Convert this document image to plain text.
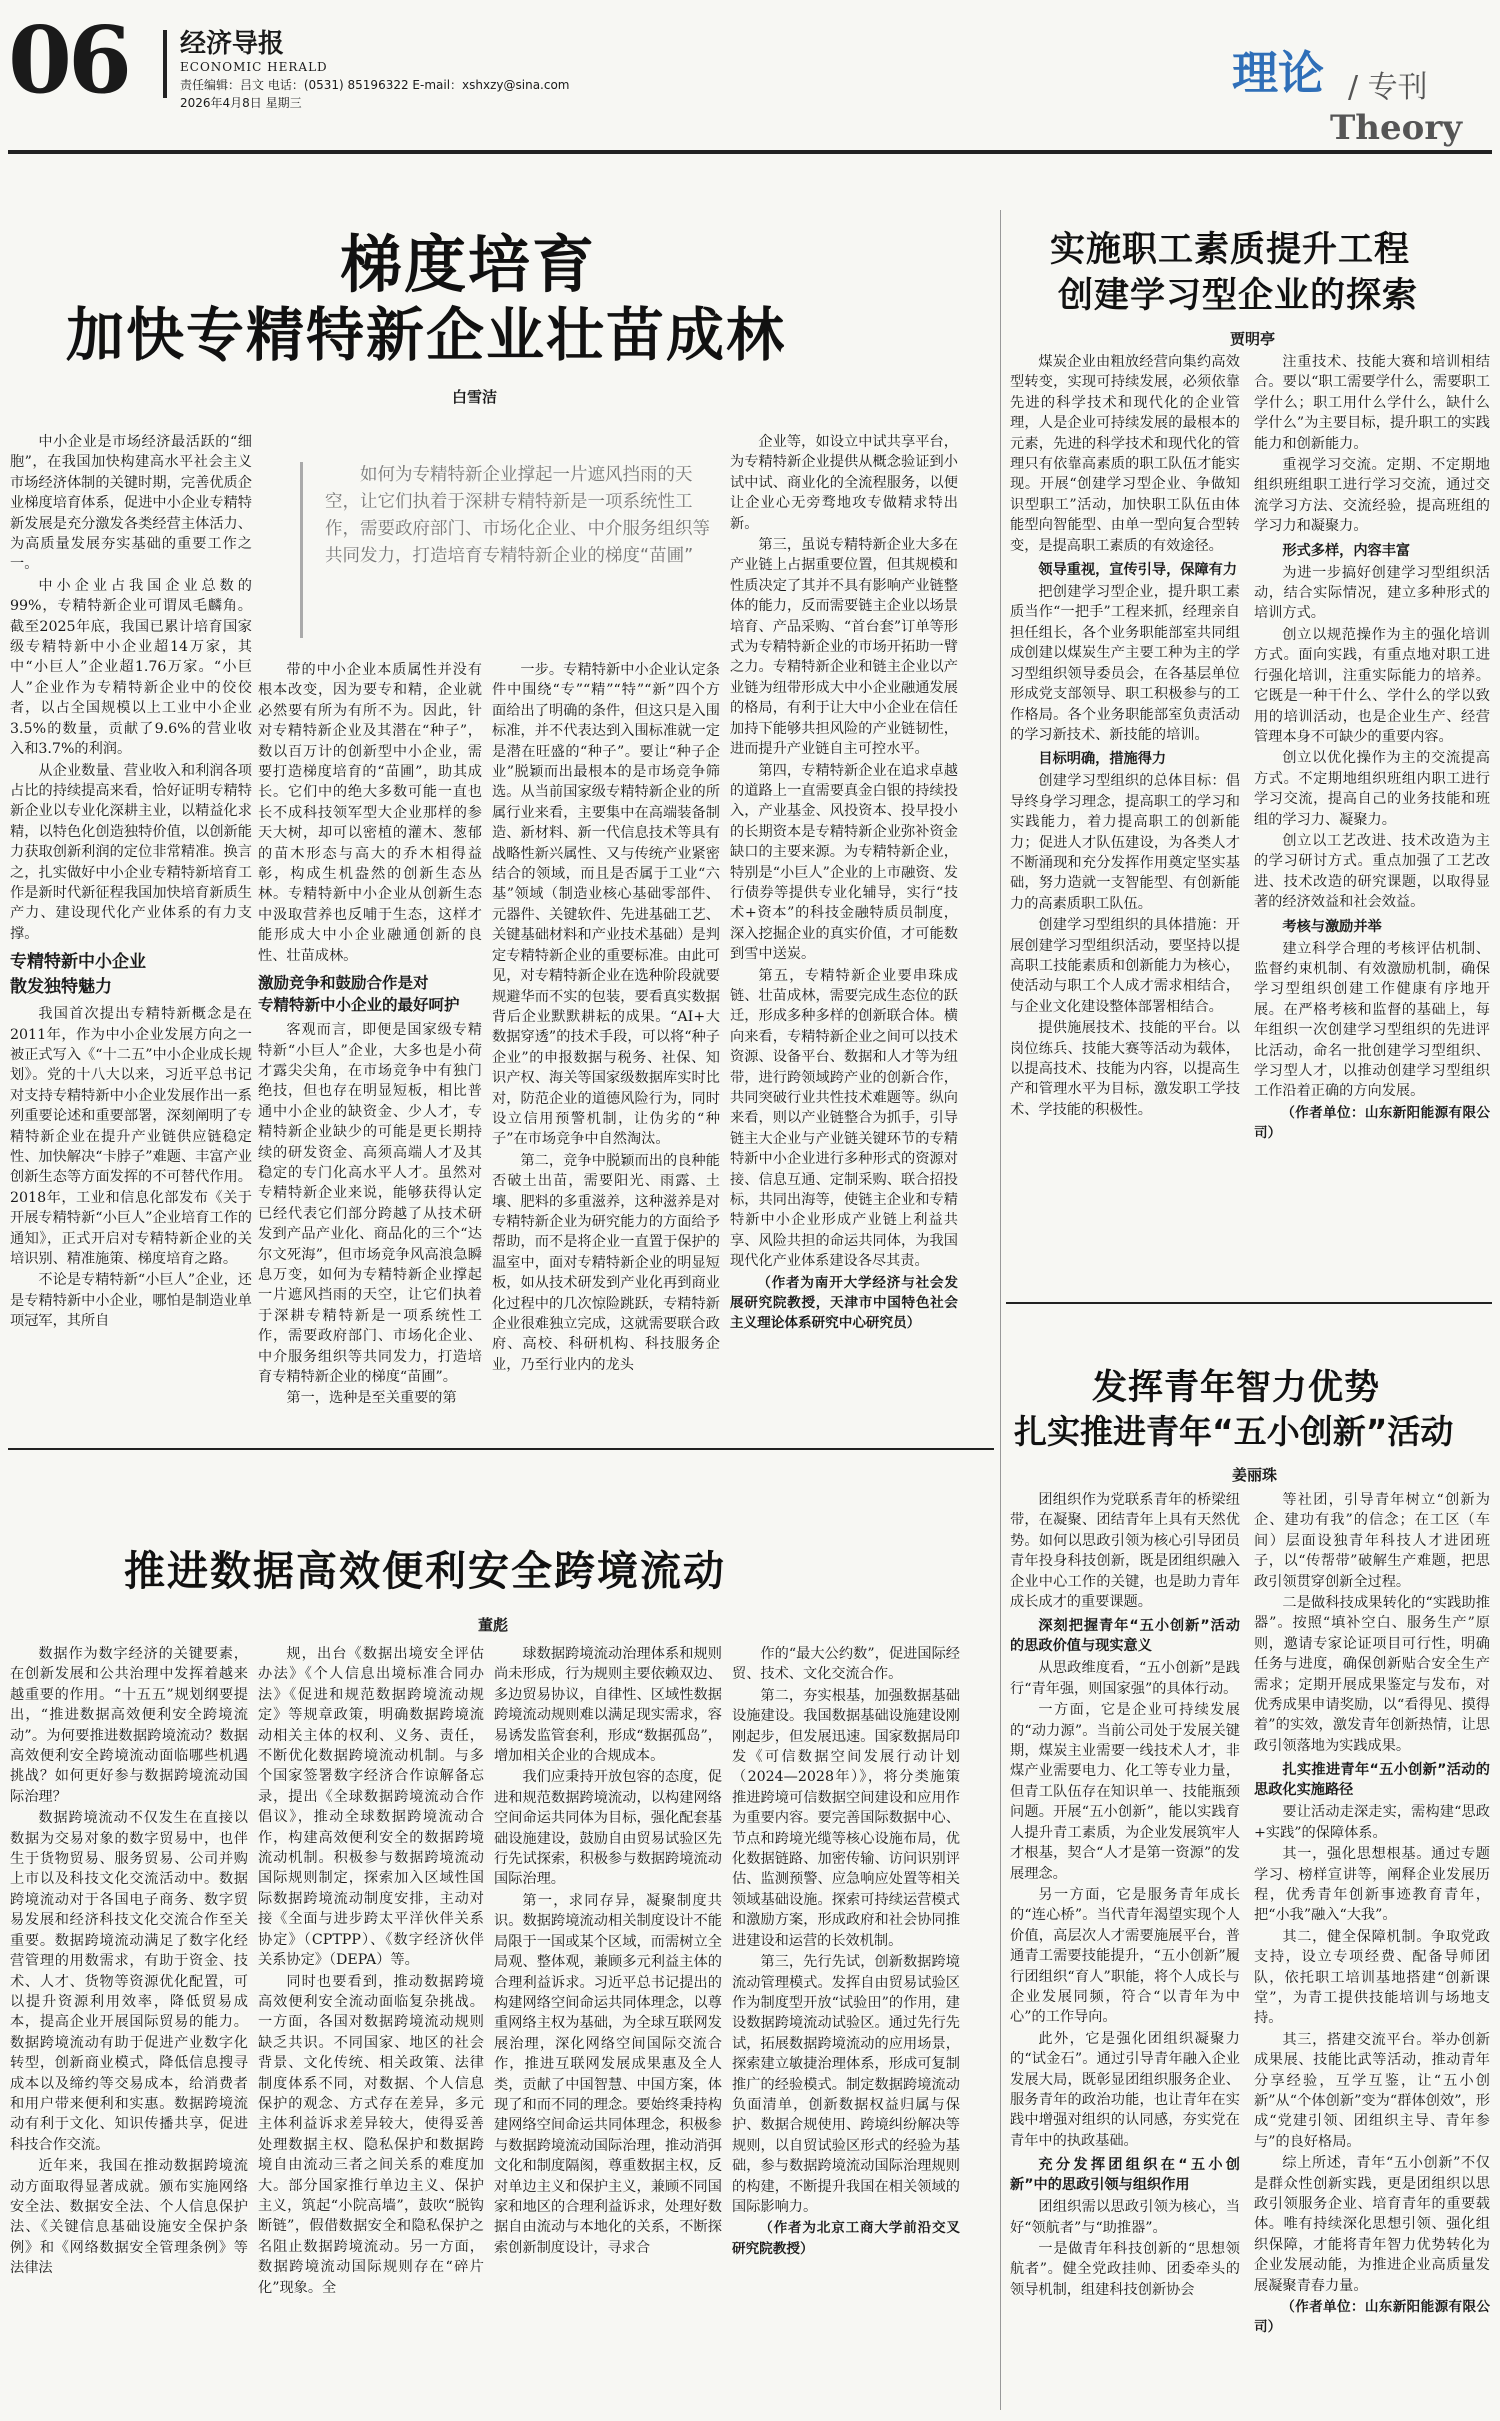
06 经济导报
ECONOMIC HERALD
责任编辑：吕文 电话：(0531) 85196322 E-mail：xshxzy@sina.com
2026年4月8日 星期三
理论 / 专刊
Theory
梯度培育
加快专精特新企业壮苗成林
白雪洁

中小企业是市场经济最活跃的“细胞”，在我国加快构建高水平社会主义市场经济体制的关键时期，完善优质企业梯度培育体系，促进中小企业专精特新发展是充分激发各类经营主体活力、为高质量发展夯实基础的重要工作之一。

中小企业占我国企业总数的99%，专精特新企业可谓凤毛麟角。截至2025年底，我国已累计培育国家级专精特新中小企业超14万家，其中“小巨人”企业超1.76万家。“小巨人”企业作为专精特新企业中的佼佼者，以占全国规模以上工业中小企业3.5%的数量，贡献了9.6%的营业收入和3.7%的利润。

从企业数量、营业收入和利润各项占比的持续提高来看，恰好证明专精特新企业以专业化深耕主业，以精益化求精，以特色化创造独特价值，以创新能力获取创新利润的定位非常精准。换言之，扎实做好中小企业专精特新培育工作是新时代新征程我国加快培育新质生产力、建设现代化产业体系的有力支撑。

专精特新中小企业
散发独特魅力

我国首次提出专精特新概念是在2011年，作为中小企业发展方向之一被正式写入《“十二五”中小企业成长规划》。党的十八大以来，习近平总书记对支持专精特新中小企业发展作出一系列重要论述和重要部署，深刻阐明了专精特新企业在提升产业链供应链稳定性、加快解决“卡脖子”难题、丰富产业创新生态等方面发挥的不可替代作用。2018年，工业和信息化部发布《关于开展专精特新“小巨人”企业培育工作的通知》，正式开启对专精特新企业的关培识别、精准施策、梯度培育之路。

不论是专精特新“小巨人”企业，还是专精特新中小企业，哪怕是制造业单项冠军，其所自

如何为专精特新企业撑起一片遮风挡雨的天空，让它们执着于深耕专精特新是一项系统性工作，需要政府部门、市场化企业、中介服务组织等共同发力，打造培育专精特新企业的梯度“苗圃”

带的中小企业本质属性并没有根本改变，因为要专和精，企业就必然要有所为有所不为。因此，针对专精特新企业及其潜在“种子”，数以百万计的创新型中小企业，需要打造梯度培育的“苗圃”，助其成长。它们中的绝大多数可能一直也长不成科技领军型大企业那样的参天大树，却可以密植的灌木、葱郁的苗木形态与高大的乔木相得益彰，构成生机盎然的创新生态丛林。专精特新中小企业从创新生态中汲取营养也反哺于生态，这样才能形成大中小企业融通创新的良性、壮苗成林。

激励竞争和鼓励合作是对
专精特新中小企业的最好呵护

客观而言，即便是国家级专精特新“小巨人”企业，大多也是小荷才露尖尖角，在市场竞争中有独门绝技，但也存在明显短板，相比普通中小企业的缺资金、少人才，专精特新企业缺少的可能是更长期持续的研发资金、高须高端人才及其稳定的专门化高水平人才。虽然对专精特新企业来说，能够获得认定已经代表它们部分跨越了从技术研发到产品产业化、商品化的三个“达尔文死海”，但市场竞争风高浪急瞬息万变，如何为专精特新企业撑起一片遮风挡雨的天空，让它们执着于深耕专精特新是一项系统性工作，需要政府部门、市场化企业、中介服务组织等共同发力，打造培育专精特新企业的梯度“苗圃”。

第一，选种是至关重要的第

一步。专精特新中小企业认定条件中围绕“专”“精”“特”“新”四个方面给出了明确的条件，但这只是入围标准，并不代表达到入围标准就一定是潜在旺盛的“种子”。要让“种子企业”脱颖而出最根本的是市场竞争筛选。从当前国家级专精特新企业的所属行业来看，主要集中在高端装备制造、新材料、新一代信息技术等具有战略性新兴属性、又与传统产业紧密结合的领域，而且是否属于工业“六基”领域（制造业核心基础零部件、元器件、关键软件、先进基础工艺、关键基础材料和产业技术基础）是判定专精特新企业的重要标准。由此可见，对专精特新企业在选种阶段就要规避华而不实的包装，要看真实数据背后企业默默耕耘的成果。“AI+大数据穿透”的技术手段，可以将“种子企业”的申报数据与税务、社保、知识产权、海关等国家级数据库实时比对，防范企业的道德风险行为，同时设立信用预警机制，让伪劣的“种子”在市场竞争中自然淘汰。

第二，竞争中脱颖而出的良种能否破土出苗，需要阳光、雨露、土壤、肥料的多重滋养，这种滋养是对专精特新企业为研究能力的方面给予帮助，而不是将企业一直置于保护的温室中，面对专精特新企业的明显短板，如从技术研发到产业化再到商业化过程中的几次惊险跳跃，专精特新企业很难独立完成，这就需要联合政府、高校、科研机构、科技服务企业，乃至行业内的龙头

企业等，如设立中试共享平台，为专精特新企业提供从概念验证到小试中试、商业化的全流程服务，以便让企业心无旁骛地攻专做精求特出新。

第三，虽说专精特新企业大多在产业链上占据重要位置，但其规模和性质决定了其并不具有影响产业链整体的能力，反而需要链主企业以场景培育、产品采购、“首台套”订单等形式为专精特新企业的市场开拓助一臂之力。专精特新企业和链主企业以产业链为纽带形成大中小企业融通发展的格局，有利于让大中小企业在信任加持下能够共担风险的产业链韧性，进而提升产业链自主可控水平。

第四，专精特新企业在追求卓越的道路上一直需要真金白银的持续投入，产业基金、风投资本、投早投小的长期资本是专精特新企业弥补资金缺口的主要来源。为专精特新企业，特别是“小巨人”企业的上市融资、发行债券等提供专业化辅导，实行“技术+资本”的科技金融特质员制度，深入挖掘企业的真实价值，才可能数到雪中送炭。

第五，专精特新企业要串珠成链、壮苗成林，需要完成生态位的跃迁，形成多种多样的创新联合体。横向来看，专精特新企业之间可以技术资源、设备平台、数据和人才等为纽带，进行跨领域跨产业的创新合作，共同突破行业共性技术难题等。纵向来看，则以产业链整合为抓手，引导链主大企业与产业链关键环节的专精特新中小企业进行多种形式的资源对接、信息互通、定制采购、联合招投标，共同出海等，使链主企业和专精特新中小企业形成产业链上利益共享、风险共担的命运共同体，为我国现代化产业体系建设各尽其责。

（作者为南开大学经济与社会发展研究院教授，天津市中国特色社会主义理论体系研究中心研究员）

实施职工素质提升工程
创建学习型企业的探索
贾明亭

煤炭企业由粗放经营向集约高效型转变，实现可持续发展，必须依靠先进的科学技术和现代化的企业管理，人是企业可持续发展的最根本的元素，先进的科学技术和现代化的管理只有依靠高素质的职工队伍才能实现。开展“创建学习型企业、争做知识型职工”活动，加快职工队伍由体能型向智能型、由单一型向复合型转变，是提高职工素质的有效途径。

领导重视，宣传引导，保障有力

把创建学习型企业，提升职工素质当作“一把手”工程来抓，经理亲自担任组长，各个业务职能部室共同组成创建以煤炭生产主要工种为主的学习型组织领导委员会，在各基层单位形成党支部领导、职工积极参与的工作格局。各个业务职能部室负责活动的学习新技术、新技能的培训。

目标明确，措施得力

创建学习型组织的总体目标：倡导终身学习理念，提高职工的学习和实践能力，着力提高职工的创新能力；促进人才队伍建设，为各类人才不断涌现和充分发挥作用奠定坚实基础，努力造就一支智能型、有创新能力的高素质职工队伍。

创建学习型组织的具体措施：开展创建学习型组织活动，要坚持以提高职工技能素质和创新能力为核心，使活动与职工个人成才需求相结合，与企业文化建设整体部署相结合。

提供施展技术、技能的平台。以岗位练兵、技能大赛等活动为载体，以提高技术、技能为内容，以提高生产和管理水平为目标，激发职工学技术、学技能的积极性。

注重技术、技能大赛和培训相结合。要以“职工需要学什么，需要职工学什么；职工用什么学什么，缺什么学什么”为主要目标，提升职工的实践能力和创新能力。

重视学习交流。定期、不定期地组织班组职工进行学习交流，通过交流学习方法、交流经验，提高班组的学习力和凝聚力。

形式多样，内容丰富

为进一步搞好创建学习型组织活动，结合实际情况，建立多种形式的培训方式。

创立以规范操作为主的强化培训方式。面向实践，有重点地对职工进行强化培训，注重实际能力的培养。它既是一种干什么、学什么的学以致用的培训活动，也是企业生产、经营管理本身不可缺少的重要内容。

创立以优化操作为主的交流提高方式。不定期地组织班组内职工进行学习交流，提高自己的业务技能和班组的学习力、凝聚力。

创立以工艺改进、技术改造为主的学习研讨方式。重点加强了工艺改进、技术改造的研究课题，以取得显著的经济效益和社会效益。

考核与激励并举

建立科学合理的考核评估机制、监督约束机制、有效激励机制，确保学习型组织创建工作健康有序地开展。在严格考核和监督的基础上，每年组织一次创建学习型组织的先进评比活动，命名一批创建学习型组织、学习型人才，以推动创建学习型组织工作沿着正确的方向发展。

（作者单位：山东新阳能源有限公司）

推进数据高效便利安全跨境流动
董彪

数据作为数字经济的关键要素，在创新发展和公共治理中发挥着越来越重要的作用。“十五五”规划纲要提出，“推进数据高效便利安全跨境流动”。为何要推进数据跨境流动？数据高效便利安全跨境流动面临哪些机遇挑战？如何更好参与数据跨境流动国际治理？

数据跨境流动不仅发生在直接以数据为交易对象的数字贸易中，也伴生于货物贸易、服务贸易、公司并购上市以及科技文化交流活动中。数据跨境流动对于各国电子商务、数字贸易发展和经济科技文化交流合作至关重要。数据跨境流动满足了数字化经营管理的用数需求，有助于资金、技术、人才、货物等资源优化配置，可以提升资源利用效率，降低贸易成本，提高企业开展国际贸易的能力。数据跨境流动有助于促进产业数字化转型，创新商业模式，降低信息搜寻成本以及缔约等交易成本，给消费者和用户带来便利和实惠。数据跨境流动有利于文化、知识传播共享，促进科技合作交流。

近年来，我国在推动数据跨境流动方面取得显著成就。颁布实施网络安全法、数据安全法、个人信息保护法、《关键信息基础设施安全保护条例》和《网络数据安全管理条例》等法律法

规，出台《数据出境安全评估办法》《个人信息出境标准合同办法》《促进和规范数据跨境流动规定》等规章政策，明确数据跨境流动相关主体的权利、义务、责任，不断优化数据跨境流动机制。与多个国家签署数字经济合作谅解备忘录，提出《全球数据跨境流动合作倡议》，推动全球数据跨境流动合作，构建高效便利安全的数据跨境流动机制。积极参与数据跨境流动国际规则制定，探索加入区域性国际数据跨境流动制度安排，主动对接《全面与进步跨太平洋伙伴关系协定》（CPTPP）、《数字经济伙伴关系协定》（DEPA）等。

同时也要看到，推动数据跨境高效便利安全流动面临复杂挑战。一方面，各国对数据跨境流动规则缺乏共识。不同国家、地区的社会背景、文化传统、相关政策、法律制度体系不同，对数据、个人信息保护的观念、方式存在差异，多元主体利益诉求差异较大，使得妥善处理数据主权、隐私保护和数据跨境自由流动三者之间关系的难度加大。部分国家推行单边主义、保护主义，筑起“小院高墙”，鼓吹“脱钩断链”，假借数据安全和隐私保护之名阻止数据跨境流动。另一方面，数据跨境流动国际规则存在“碎片化”现象。全

球数据跨境流动治理体系和规则尚未形成，行为规则主要依赖双边、多边贸易协议，自律性、区域性数据跨境流动规则难以满足现实需求，容易诱发监管套利，形成“数据孤岛”，增加相关企业的合规成本。

我们应秉持开放包容的态度，促进和规范数据跨境流动，以构建网络空间命运共同体为目标，强化配套基础设施建设，鼓励自由贸易试验区先行先试探索，积极参与数据跨境流动国际治理。

第一，求同存异，凝聚制度共识。数据跨境流动相关制度设计不能局限于一国或某个区域，而需树立全局观、整体观，兼顾多元利益主体的合理利益诉求。习近平总书记提出的构建网络空间命运共同体理念，以尊重网络主权为基础，为全球互联网发展治理，深化网络空间国际交流合作，推进互联网发展成果惠及全人类，贡献了中国智慧、中国方案，体现了和而不同的理念。要始终秉持构建网络空间命运共同体理念，积极参与数据跨境流动国际治理，推动消弭文化和制度隔阂，尊重数据主权，反对单边主义和保护主义，兼顾不同国家和地区的合理利益诉求，处理好数据自由流动与本地化的关系，不断探索创新制度设计，寻求合

作的“最大公约数”，促进国际经贸、技术、文化交流合作。

第二，夯实根基，加强数据基础设施建设。我国数据基础设施建设刚刚起步，但发展迅速。国家数据局印发《可信数据空间发展行动计划（2024—2028年）》，将分类施策推进跨境可信数据空间建设和应用作为重要内容。要完善国际数据中心、节点和跨境光缆等核心设施布局，优化数据链路、加密传输、访问识别评估、监测预警、应急响应处置等相关领域基础设施。探索可持续运营模式和激励方案，形成政府和社会协同推进建设和运营的长效机制。

第三，先行先试，创新数据跨境流动管理模式。发挥自由贸易试验区作为制度型开放“试验田”的作用，建设数据跨境流动试验区。通过先行先试，拓展数据跨境流动的应用场景，探索建立敏捷治理体系，形成可复制推广的经验模式。制定数据跨境流动负面清单，创新数据权益归属与保护、数据合规使用、跨境纠纷解决等规则，以自贸试验区形式的经验为基础，参与数据跨境流动国际治理规则的构建，不断提升我国在相关领域的国际影响力。

（作者为北京工商大学前沿交叉研究院教授）

发挥青年智力优势
扎实推进青年“五小创新”活动
姜丽珠

团组织作为党联系青年的桥梁纽带，在凝聚、团结青年上具有天然优势。如何以思政引领为核心引导团员青年投身科技创新，既是团组织融入企业中心工作的关键，也是助力青年成长成才的重要课题。

深刻把握青年“五小创新”活动的思政价值与现实意义

从思政维度看，“五小创新”是践行“青年强，则国家强”的具体行动。

一方面，它是企业可持续发展的“动力源”。当前公司处于发展关键期，煤炭主业需要一线技术人才，非煤产业需要电力、化工等专业力量，但青工队伍存在知识单一、技能瓶颈问题。开展“五小创新”，能以实践育人提升青工素质，为企业发展筑牢人才根基，契合“人才是第一资源”的发展理念。

另一方面，它是服务青年成长的“连心桥”。当代青年渴望实现个人价值，高层次人才需要施展平台，普通青工需要技能提升，“五小创新”履行团组织“育人”职能，将个人成长与企业发展同频，符合“以青年为中心”的工作导向。

此外，它是强化团组织凝聚力的“试金石”。通过引导青年融入企业发展大局，既彰显团组织服务企业、服务青年的政治功能，也让青年在实践中增强对组织的认同感，夯实党在青年中的执政基础。

充分发挥团组织在“五小创新”中的思政引领与组织作用

团组织需以思政引领为核心，当好“领航者”与“助推器”。

一是做青年科技创新的“思想领航者”。健全党政挂帅、团委牵头的领导机制，组建科技创新协会

等社团，引导青年树立“创新为企、建功有我”的信念；在工区（车间）层面设独青年科技人才进团班子，以“传帮带”破解生产难题，把思政引领贯穿创新全过程。

二是做科技成果转化的“实践助推器”。按照“填补空白、服务生产”原则，邀请专家论证项目可行性，明确任务与进度，确保创新贴合安全生产需求；定期开展成果鉴定与发布，对优秀成果申请奖励，以“看得见、摸得着”的实效，激发青年创新热情，让思政引领落地为实践成果。

扎实推进青年“五小创新”活动的思政化实施路径

要让活动走深走实，需构建“思政+实践”的保障体系。

其一，强化思想根基。通过专题学习、榜样宣讲等，阐释企业发展历程，优秀青年创新事迹教育青年，把“小我”融入“大我”。

其二，健全保障机制。争取党政支持，设立专项经费、配备导师团队，依托职工培训基地搭建“创新课堂”，为青工提供技能培训与场地支持。

其三，搭建交流平台。举办创新成果展、技能比武等活动，推动青年分享经验，互学互鉴，让“五小创新”从“个体创新”变为“群体创效”，形成“党建引领、团组织主导、青年参与”的良好格局。

综上所述，青年“五小创新”不仅是群众性创新实践，更是团组织以思政引领服务企业、培育青年的重要载体。唯有持续深化思想引领、强化组织保障，才能将青年智力优势转化为企业发展动能，为推进企业高质量发展凝聚青春力量。

（作者单位：山东新阳能源有限公司）
